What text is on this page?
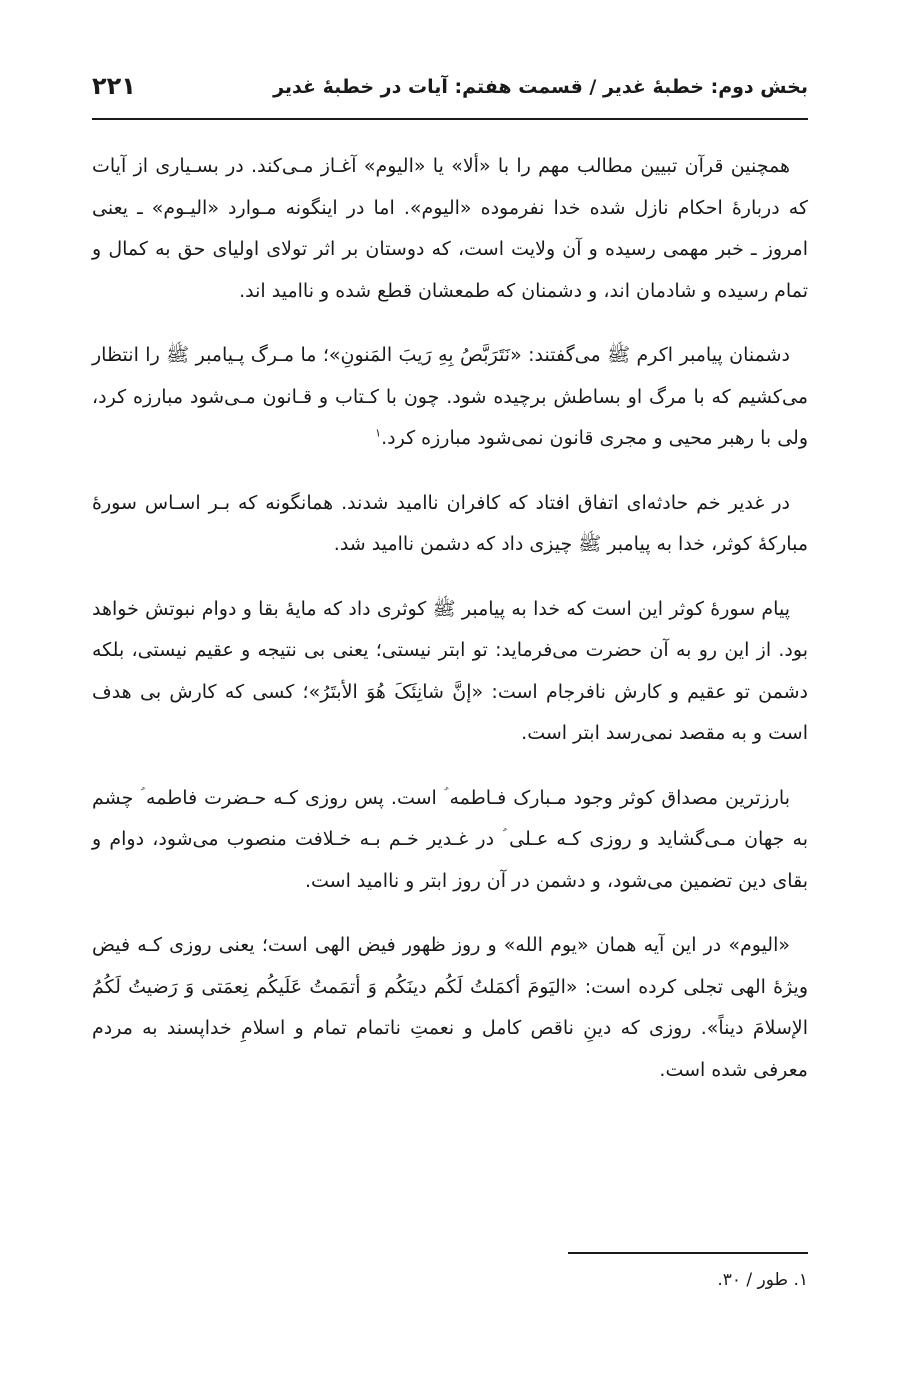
بخش دوم: خطبهٔ غدیر / قسمت هفتم: آیات در خطبهٔ غدیر
۲۲۱

همچنین قرآن تبیین مطالب مهم را با «ألا» یا «الیوم» آغـاز مـی‌کند. در بسـیاری از آیات که دربارهٔ احکام نازل شده خدا نفرموده «الیوم». اما در اینگونه مـوارد «الیـوم» ـ یعنی امروز ـ خبر مهمی رسیده و آن ولایت است، که دوستان بر اثر تولای اولیای حق به کمال و تمام رسیده و شادمان اند، و دشمنان که طمعشان قطع شده و ناامید اند.

دشمنان پیامبر اکرم ﷺ می‌گفتند: «نَتَرَبَّصُ بِهِ رَیبَ المَنونِ»؛ ما مـرگ پـیامبر ﷺ را انتظار می‌کشیم که با مرگ او بساطش برچیده شود. چون با کـتاب و قـانون مـی‌شود مبارزه کرد، ولی با رهبر محیی و مجری قانون نمی‌شود مبارزه کرد.$^۱$

در غدیر خم حادثه‌ای اتفاق افتاد که کافران ناامید شدند. همانگونه که بـر اسـاس سورهٔ مبارکهٔ کوثر، خدا به پیامبر ﷺ چیزی داد که دشمن ناامید شد.

پیام سورهٔ کوثر این است که خدا به پیامبر ﷺ کوثری داد که مایهٔ بقا و دوام نبوتش خواهد بود. از این رو به آن حضرت می‌فرماید: تو ابتر نیستی؛ یعنی بی نتیجه و عقیم نیستی، بلکه دشمن تو عقیم و کارش نافرجام است: «إنَّ شانِئَکَ هُوَ الأبتَرُ»؛ کسی که کارش بی هدف است و به مقصد نمی‌رسد ابتر است.

بارزترین مصداق کوثر وجود مـبارک فـاطمه ؑ است. پس روزی کـه حـضرت فاطمه ؑ چشم به جهان مـی‌گشاید و روزی کـه عـلی ؑ در غـدیر خـم بـه خـلافت منصوب می‌شود، دوام و بقای دین تضمین می‌شود، و دشمن در آن روز ابتر و ناامید است.

«الیوم» در این آیه همان «یوم الله» و روز ظهور فیض الهی است؛ یعنی روزی کـه فیض ویژهٔ الهی تجلی کرده است: «الیَومَ أکمَلتُ لَکُم دینَکُم وَ أتمَمتُ عَلَیکُم نِعمَتی وَ رَضیتُ لَکُمُ الإسلامَ دیناً». روزی که دینِ ناقص کامل و نعمتِ ناتمام تمام و اسلامِ خداپسند به مردم معرفی شده است.

۱. طور / ۳۰.
